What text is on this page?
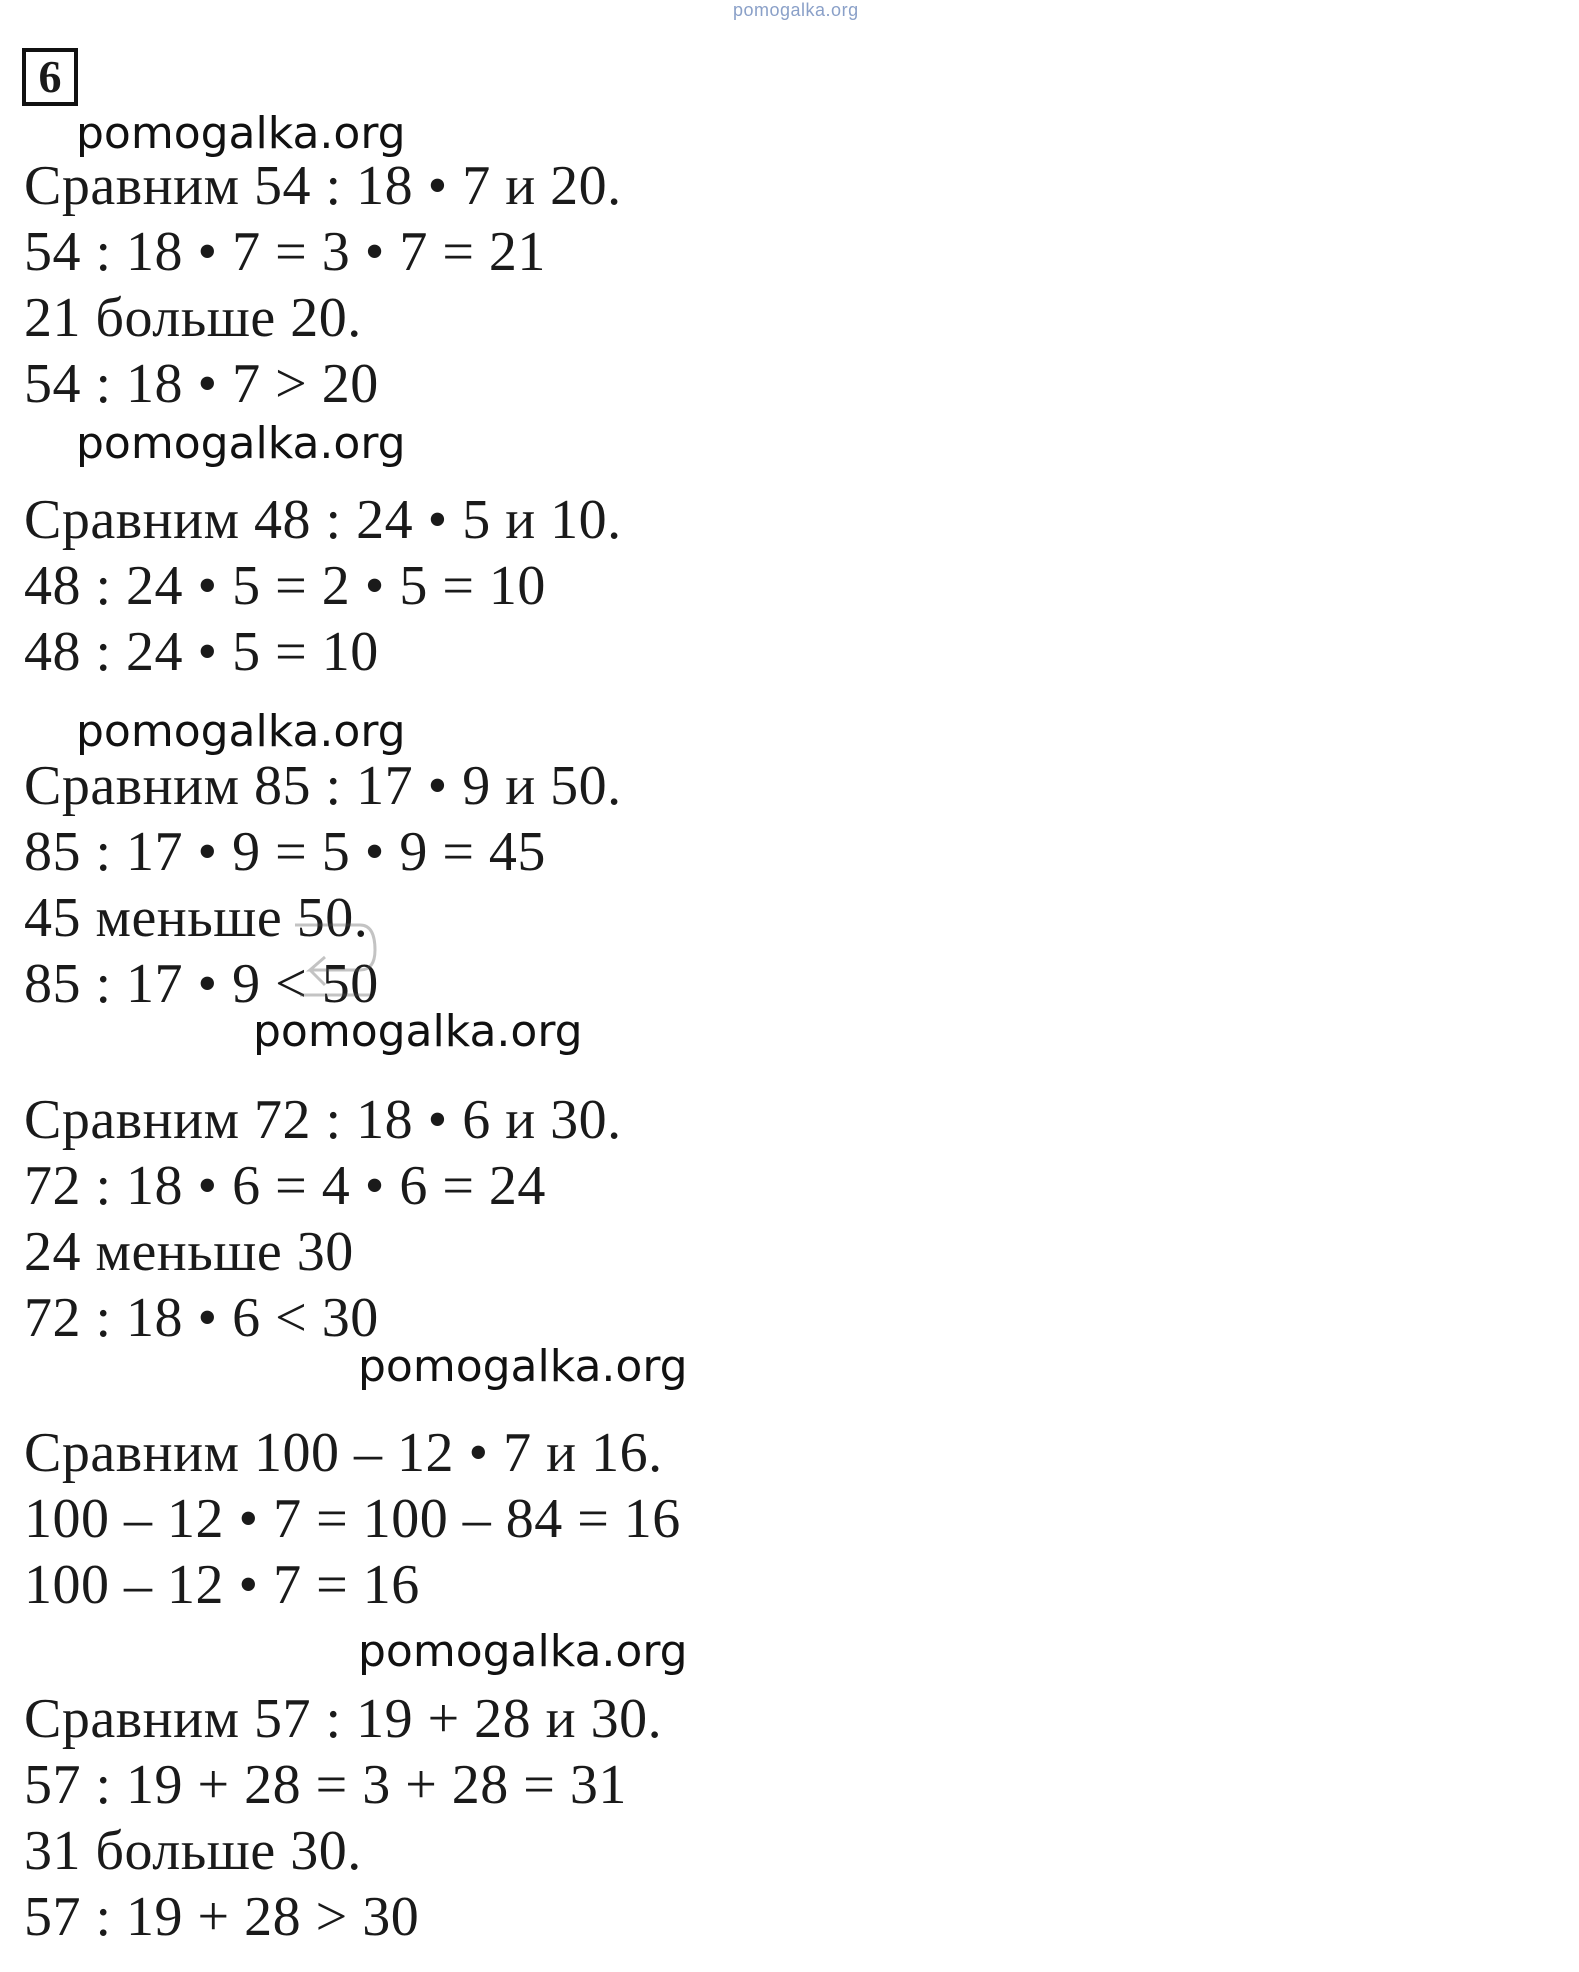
pomogalka.org
6
pomogalka.org
pomogalka.org
pomogalka.org
pomogalka.org
pomogalka.org
pomogalka.org
Сравним 54 : 18 • 7 и 20.
54 : 18 • 7 = 3 • 7 = 21
21 больше 20.
54 : 18 • 7 > 20
Сравним 48 : 24 • 5 и 10.
48 : 24 • 5 = 2 • 5 = 10
48 : 24 • 5 = 10
Сравним 85 : 17 • 9 и 50.
85 : 17 • 9 = 5 • 9 = 45
45 меньше 50.
85 : 17 • 9 < 50
Сравним 72 : 18 • 6 и 30.
72 : 18 • 6 = 4 • 6 = 24
24 меньше 30
72 : 18 • 6 < 30
Сравним 100 – 12 • 7 и 16.
100 – 12 • 7 = 100 – 84 = 16
100 – 12 • 7 = 16
Сравним 57 : 19 + 28 и 30.
57 : 19 + 28 = 3 + 28 = 31
31 больше 30.
57 : 19 + 28 > 30
